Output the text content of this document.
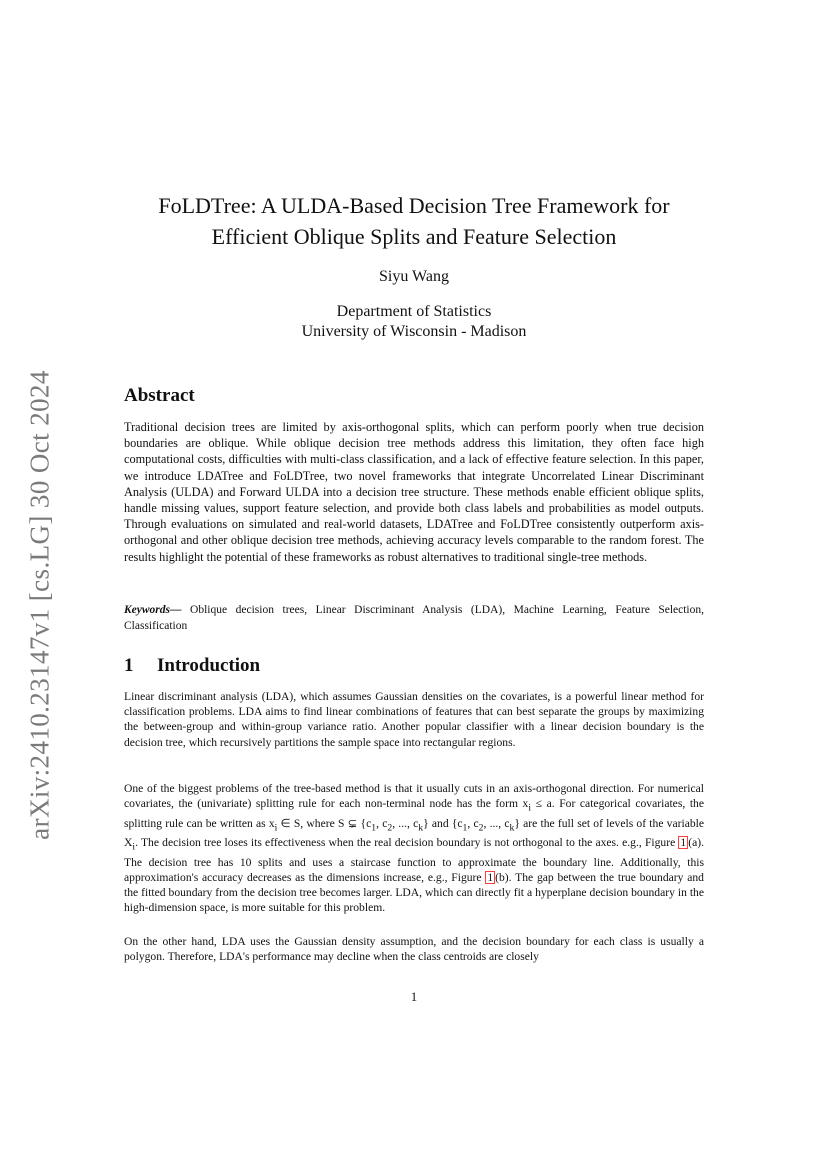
arXiv:2410.23147v1 [cs.LG] 30 Oct 2024
FoLDTree: A ULDA-Based Decision Tree Framework for
Efficient Oblique Splits and Feature Selection
Siyu Wang
Department of Statistics
University of Wisconsin - Madison
Abstract
Traditional decision trees are limited by axis-orthogonal splits, which can perform poorly when true decision boundaries are oblique. While oblique decision tree methods address this limitation, they often face high computational costs, difficulties with multi-class classification, and a lack of effective feature selection. In this paper, we introduce LDATree and FoLDTree, two novel frameworks that integrate Uncorrelated Linear Discriminant Analysis (ULDA) and Forward ULDA into a decision tree structure. These methods enable efficient oblique splits, handle missing values, support feature selection, and provide both class labels and probabilities as model outputs. Through evaluations on simulated and real-world datasets, LDATree and FoLDTree consistently outperform axis-orthogonal and other oblique decision tree methods, achieving accuracy levels comparable to the random forest. The results highlight the potential of these frameworks as robust alternatives to traditional single-tree methods.
Keywords— Oblique decision trees, Linear Discriminant Analysis (LDA), Machine Learning, Feature Selection, Classification
1 Introduction
Linear discriminant analysis (LDA), which assumes Gaussian densities on the covariates, is a powerful linear method for classification problems. LDA aims to find linear combinations of features that can best separate the groups by maximizing the between-group and within-group variance ratio. Another popular classifier with a linear decision boundary is the decision tree, which recursively partitions the sample space into rectangular regions.
One of the biggest problems of the tree-based method is that it usually cuts in an axis-orthogonal direction. For numerical covariates, the (univariate) splitting rule for each non-terminal node has the form $x_i \le a$. For categorical covariates, the splitting rule can be written as $x_i$ ∈ S, where S ⊊ {$c_1$, $c_2$, ..., $c_k$} and {$c_1$, $c_2$, ..., $c_k$} are the full set of levels of the variable $X_i$. The decision tree loses its effectiveness when the real decision boundary is not orthogonal to the axes. e.g., Figure 1 (a). The decision tree has 10 splits and uses a staircase function to approximate the boundary line. Additionally, this approximation's accuracy decreases as the dimensions increase, e.g., Figure 1 (b). The gap between the true boundary and the fitted boundary from the decision tree becomes larger. LDA, which can directly fit a hyperplane decision boundary in the high-dimension space, is more suitable for this problem.
On the other hand, LDA uses the Gaussian density assumption, and the decision boundary for each class is usually a polygon. Therefore, LDA's performance may decline when the class centroids are closely
1
